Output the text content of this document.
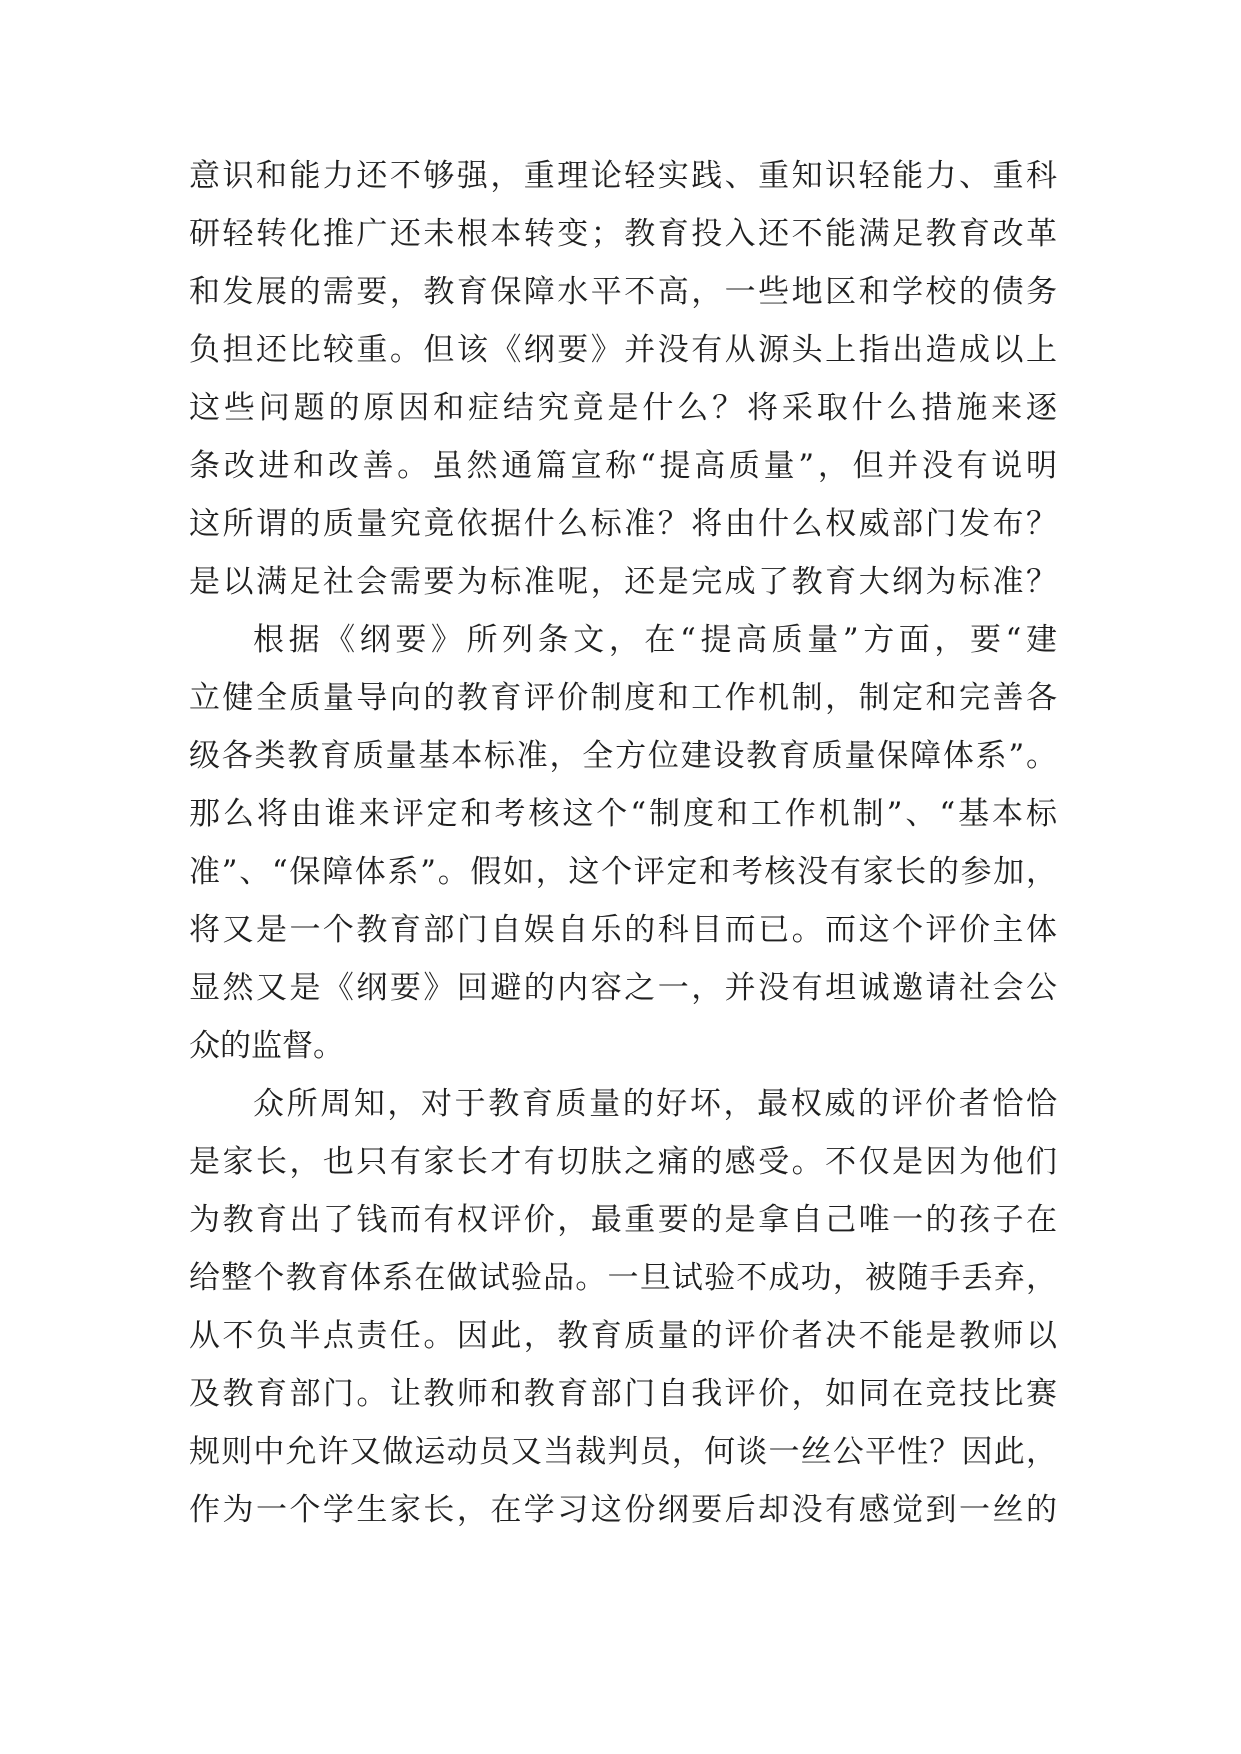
意识和能力还不够强，重理论轻实践、重知识轻能力、重科
研轻转化推广还未根本转变；教育投入还不能满足教育改革
和发展的需要，教育保障水平不高，一些地区和学校的债务
负担还比较重。但该《纲要》并没有从源头上指出造成以上
这些问题的原因和症结究竟是什么？将采取什么措施来逐
条改进和改善。虽然通篇宣称“提高质量”，但并没有说明
这所谓的质量究竟依据什么标准？将由什么权威部门发布？
是以满足社会需要为标准呢，还是完成了教育大纲为标准？
根据《纲要》所列条文，在“提高质量”方面，要“建
立健全质量导向的教育评价制度和工作机制，制定和完善各
级各类教育质量基本标准，全方位建设教育质量保障体系”。
那么将由谁来评定和考核这个“制度和工作机制”、“基本标
准”、“保障体系”。假如，这个评定和考核没有家长的参加，
将又是一个教育部门自娱自乐的科目而已。而这个评价主体
显然又是《纲要》回避的内容之一，并没有坦诚邀请社会公
众的监督。
众所周知，对于教育质量的好坏，最权威的评价者恰恰
是家长，也只有家长才有切肤之痛的感受。不仅是因为他们
为教育出了钱而有权评价，最重要的是拿自己唯一的孩子在
给整个教育体系在做试验品。一旦试验不成功，被随手丢弃，
从不负半点责任。因此，教育质量的评价者决不能是教师以
及教育部门。让教师和教育部门自我评价，如同在竞技比赛
规则中允许又做运动员又当裁判员，何谈一丝公平性？因此，
作为一个学生家长，在学习这份纲要后却没有感觉到一丝的
